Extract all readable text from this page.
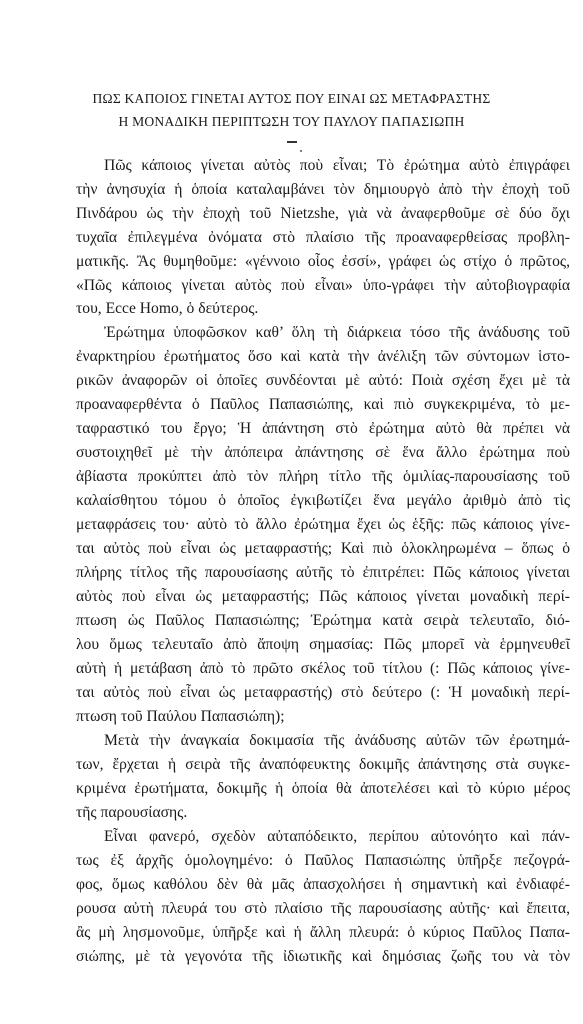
ΠΩΣ ΚΑΠΟΙΟΣ ΓΙΝΕΤΑΙ ΑΥΤΟΣ ΠΟΥ ΕΙΝΑΙ ΩΣ ΜΕΤΑΦΡΑΣΤΗΣ
Η ΜΟΝΑΔΙΚΗ ΠΕΡΙΠΤΩΣΗ ΤΟΥ ΠΑΥΛΟΥ ΠΑΠΑΣΙΩΠΗ
Πῶς κάποιος γίνεται αὐτὸς ποὺ εἶναι; Τὸ ἐρώτημα αὐτὸ ἐπιγράφει
τὴν ἀνησυχία ἡ ὁποία καταλαμβάνει τὸν δημιουργὸ ἀπὸ τὴν ἐποχὴ τοῦ
Πινδάρου ὡς τὴν ἐποχὴ τοῦ Nietzshe, γιὰ νὰ ἀναφερθοῦμε σὲ δύο ὄχι
τυχαῖα ἐπιλεγμένα ὀνόματα στὸ πλαίσιο τῆς προαναφερθείσας προβλη-
ματικῆς. Ἂς θυμηθοῦμε: «γέννοιο οἷος ἐσσί», γράφει ὡς στίχο ὁ πρῶτος,
«Πῶς κάποιος γίνεται αὐτὸς ποὺ εἶναι» ὑπο-γράφει τὴν αὐτοβιογραφία
του, Ecce Homo, ὁ δεύτερος.
Ἐρώτημα ὑποφῶσκον καθ’ ὅλη τὴ διάρκεια τόσο τῆς ἀνάδυσης τοῦ
ἐναρκτηρίου ἐρωτήματος ὅσο καὶ κατὰ τὴν ἀνέλιξη τῶν σύντομων ἱστο-
ρικῶν ἀναφορῶν οἱ ὁποῖες συνδέονται μὲ αὐτό: Ποιὰ σχέση ἔχει μὲ τὰ
προαναφερθέντα ὁ Παῦλος Παπασιώπης, καὶ πιὸ συγκεκριμένα, τὸ με-
ταφραστικό του ἔργο; Ἡ ἀπάντηση στὸ ἐρώτημα αὐτὸ θὰ πρέπει νὰ
συστοιχηθεῖ μὲ τὴν ἀπόπειρα ἀπάντησης σὲ ἕνα ἄλλο ἐρώτημα ποὺ
ἀβίαστα προκύπτει ἀπὸ τὸν πλήρη τίτλο τῆς ὁμιλίας-παρουσίασης τοῦ
καλαίσθητου τόμου ὁ ὁποῖος ἐγκιβωτίζει ἕνα μεγάλο ἀριθμὸ ἀπὸ τὶς
μεταφράσεις του· αὐτὸ τὸ ἄλλο ἐρώτημα ἔχει ὡς ἑξῆς: πῶς κάποιος γίνε-
ται αὐτὸς ποὺ εἶναι ὡς μεταφραστής; Καὶ πιὸ ὁλοκληρωμένα – ὅπως ὁ
πλήρης τίτλος τῆς παρουσίασης αὐτῆς τὸ ἐπιτρέπει: Πῶς κάποιος γίνεται
αὐτὸς ποὺ εἶναι ὡς μεταφραστής; Πῶς κάποιος γίνεται μοναδικὴ περί-
πτωση ὡς Παῦλος Παπασιώπης; Ἐρώτημα κατὰ σειρὰ τελευταῖο, διό-
λου ὅμως τελευταῖο ἀπὸ ἄποψη σημασίας: Πῶς μπορεῖ νὰ ἑρμηνευθεῖ
αὐτὴ ἡ μετάβαση ἀπὸ τὸ πρῶτο σκέλος τοῦ τίτλου (: Πῶς κάποιος γίνε-
ται αὐτὸς ποὺ εἶναι ὡς μεταφραστής) στὸ δεύτερο (: Ἡ μοναδικὴ περί-
πτωση τοῦ Παύλου Παπασιώπη);
Μετὰ τὴν ἀναγκαία δοκιμασία τῆς ἀνάδυσης αὐτῶν τῶν ἐρωτημά-
των, ἔρχεται ἡ σειρὰ τῆς ἀναπόφευκτης δοκιμῆς ἀπάντησης στὰ συγκε-
κριμένα ἐρωτήματα, δοκιμῆς ἡ ὁποία θὰ ἀποτελέσει καὶ τὸ κύριο μέρος
τῆς παρουσίασης.
Εἶναι φανερό, σχεδὸν αὐταπόδεικτο, περίπου αὐτονόητο καὶ πάν-
τως ἐξ ἀρχῆς ὁμολογημένο: ὁ Παῦλος Παπασιώπης ὑπῆρξε πεζογρά-
φος, ὅμως καθόλου δὲν θὰ μᾶς ἀπασχολήσει ἡ σημαντικὴ καὶ ἐνδιαφέ-
ρουσα αὐτὴ πλευρά του στὸ πλαίσιο τῆς παρουσίασης αὐτῆς· καὶ ἔπειτα,
ἂς μὴ λησμονοῦμε, ὑπῆρξε καὶ ἡ ἄλλη πλευρά: ὁ κύριος Παῦλος Παπα-
σιώπης, μὲ τὰ γεγονότα τῆς ἰδιωτικῆς καὶ δημόσιας ζωῆς του νὰ τὸν
